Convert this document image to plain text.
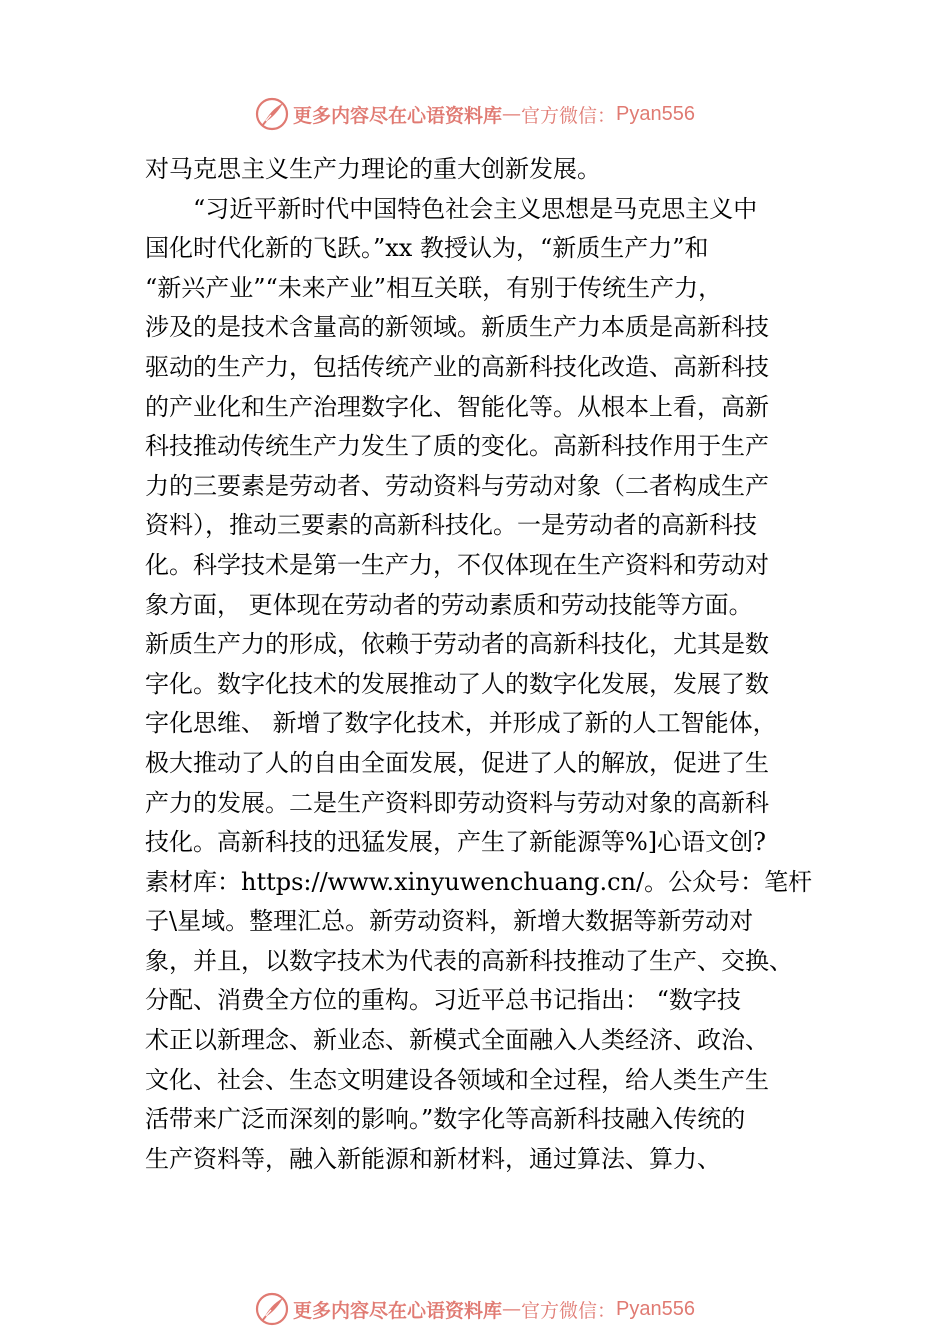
更多内容尽在心语资料库 — 官方微信： Pyan556
对马克思主义生产力理论的重大创新发展。
　　“习近平新时代中国特色社会主义思想是马克思主义中
国化时代化新的飞跃。”xx 教授认为，“新质生产力”和
“新兴产业”“未来产业”相互关联，有别于传统生产力，
涉及的是技术含量高的新领域。新质生产力本质是高新科技
驱动的生产力，包括传统产业的高新科技化改造、高新科技
的产业化和生产治理数字化、智能化等。从根本上看，高新
科技推动传统生产力发生了质的变化。高新科技作用于生产
力的三要素是劳动者、劳动资料与劳动对象（二者构成生产
资料），推动三要素的高新科技化。一是劳动者的高新科技
化。科学技术是第一生产力，不仅体现在生产资料和劳动对
象方面， 更体现在劳动者的劳动素质和劳动技能等方面。
新质生产力的形成，依赖于劳动者的高新科技化，尤其是数
字化。数字化技术的发展推动了人的数字化发展，发展了数
字化思维、 新增了数字化技术，并形成了新的人工智能体，
极大推动了人的自由全面发展，促进了人的解放，促进了生
产力的发展。二是生产资料即劳动资料与劳动对象的高新科
技化。高新科技的迅猛发展，产生了新能源等%]心语文创?
素材库：https://www.xinyuwenchuang.cn/。公众号：笔杆
子\星域。整理汇总。新劳动资料，新增大数据等新劳动对
象，并且，以数字技术为代表的高新科技推动了生产、交换、
分配、消费全方位的重构。习近平总书记指出： “数字技
术正以新理念、新业态、新模式全面融入人类经济、政治、
文化、社会、生态文明建设各领域和全过程，给人类生产生
活带来广泛而深刻的影响。”数字化等高新科技融入传统的
生产资料等，融入新能源和新材料，通过算法、算力、
更多内容尽在心语资料库 — 官方微信： Pyan556
